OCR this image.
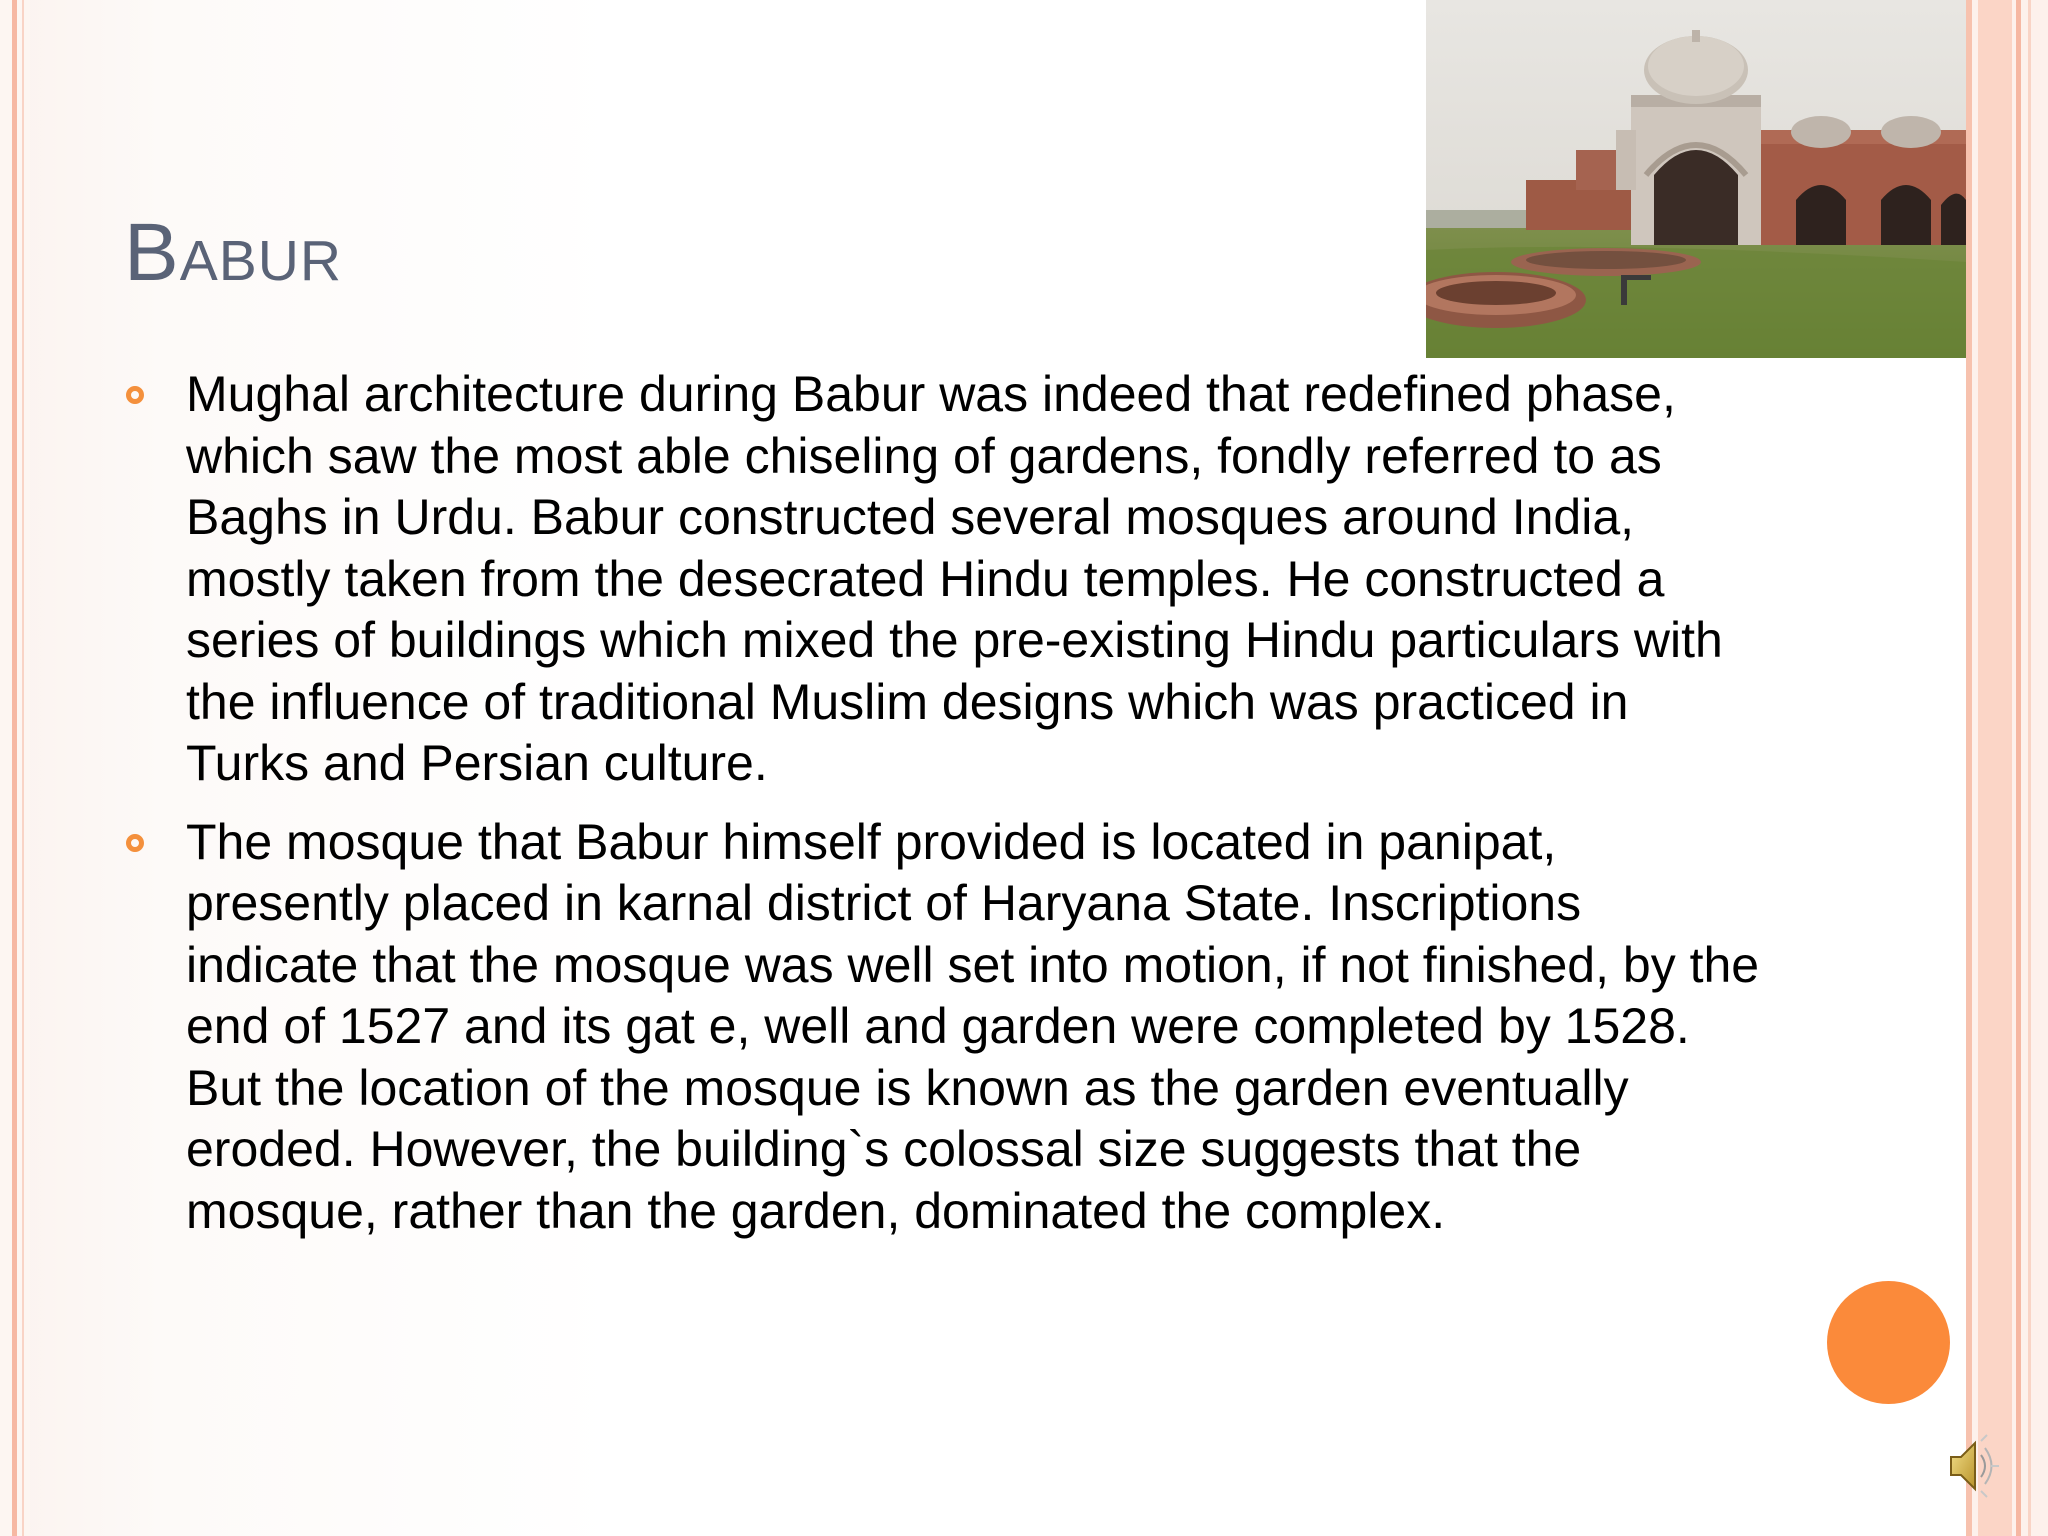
Babur
Mughal architecture during Babur was indeed that redefined phase, which saw the most able chiseling of gardens, fondly referred to as Baghs in Urdu. Babur constructed several mosques around India, mostly taken from the desecrated Hindu temples. He constructed a series of buildings which mixed the pre-existing Hindu particulars with the influence of traditional Muslim designs which was practiced in Turks and Persian culture.
The mosque that Babur himself provided is located in panipat, presently placed in karnal district of Haryana State. Inscriptions indicate that the mosque was well set into motion, if not finished, by the end of 1527 and its gat e, well and garden were completed by 1528. But the location of the mosque is known as the garden eventually eroded. However, the building`s colossal size suggests that the mosque, rather than the garden, dominated the complex.
